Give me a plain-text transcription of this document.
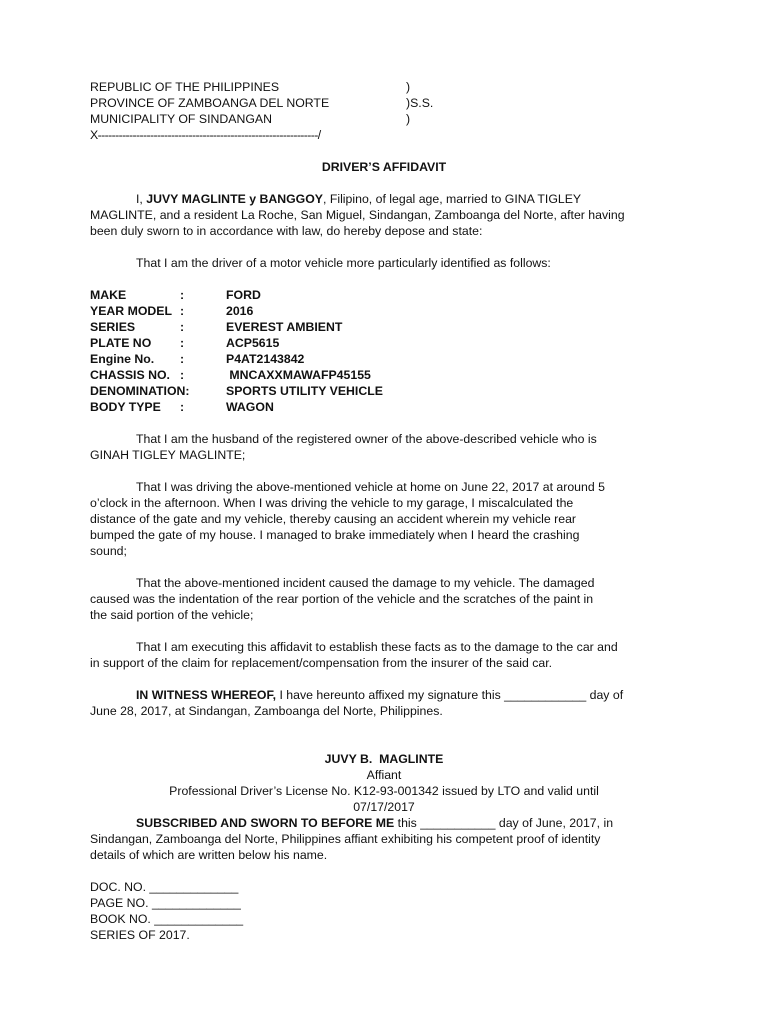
REPUBLIC OF THE PHILIPPINES	)
PROVINCE OF ZAMBOANGA DEL NORTE	)S.S.
MUNICIPALITY OF SINDANGAN	)
X---------------------------------------------------------------/
DRIVER’S AFFIDAVIT
I, JUVY MAGLINTE y BANGGOY, Filipino, of legal age, married to GINA TIGLEY
MAGLINTE, and a resident La Roche, San Miguel, Sindangan, Zamboanga del Norte, after having
been duly sworn to in accordance with law, do hereby depose and state:
That I am the driver of a motor vehicle more particularly identified as follows:
MAKE	:	FORD
YEAR MODEL :	2016
SERIES	:	EVEREST AMBIENT
PLATE NO :	ACP5615
Engine No. :	P4AT2143842
CHASSIS NO. :	MNCAXXMAWAFP45155
DENOMINATION:	SPORTS UTILITY VEHICLE
BODY TYPE :	WAGON
That I am the husband of the registered owner of the above-described vehicle who is
GINAH TIGLEY MAGLINTE;
That I was driving the above-mentioned vehicle at home on June 22, 2017 at around 5
o’clock in the afternoon. When I was driving the vehicle to my garage, I miscalculated the
distance of the gate and my vehicle, thereby causing an accident wherein my vehicle rear
bumped the gate of my house. I managed to brake immediately when I heard the crashing
sound;
That the above-mentioned incident caused the damage to my vehicle. The damaged
caused was the indentation of the rear portion of the vehicle and the scratches of the paint in
the said portion of the vehicle;
That I am executing this affidavit to establish these facts as to the damage to the car and
in support of the claim for replacement/compensation from the insurer of the said car.
IN WITNESS WHEREOF, I have hereunto affixed my signature this ____________ day of
June 28, 2017, at Sindangan, Zamboanga del Norte, Philippines.
JUVY B.  MAGLINTE
Affiant
Professional Driver’s License No. K12-93-001342 issued by LTO and valid until
07/17/2017
SUBSCRIBED AND SWORN TO BEFORE ME this ___________ day of June, 2017, in
Sindangan, Zamboanga del Norte, Philippines affiant exhibiting his competent proof of identity
details of which are written below his name.
DOC. NO. _____________
PAGE NO. _____________
BOOK NO. _____________
SERIES OF 2017.
